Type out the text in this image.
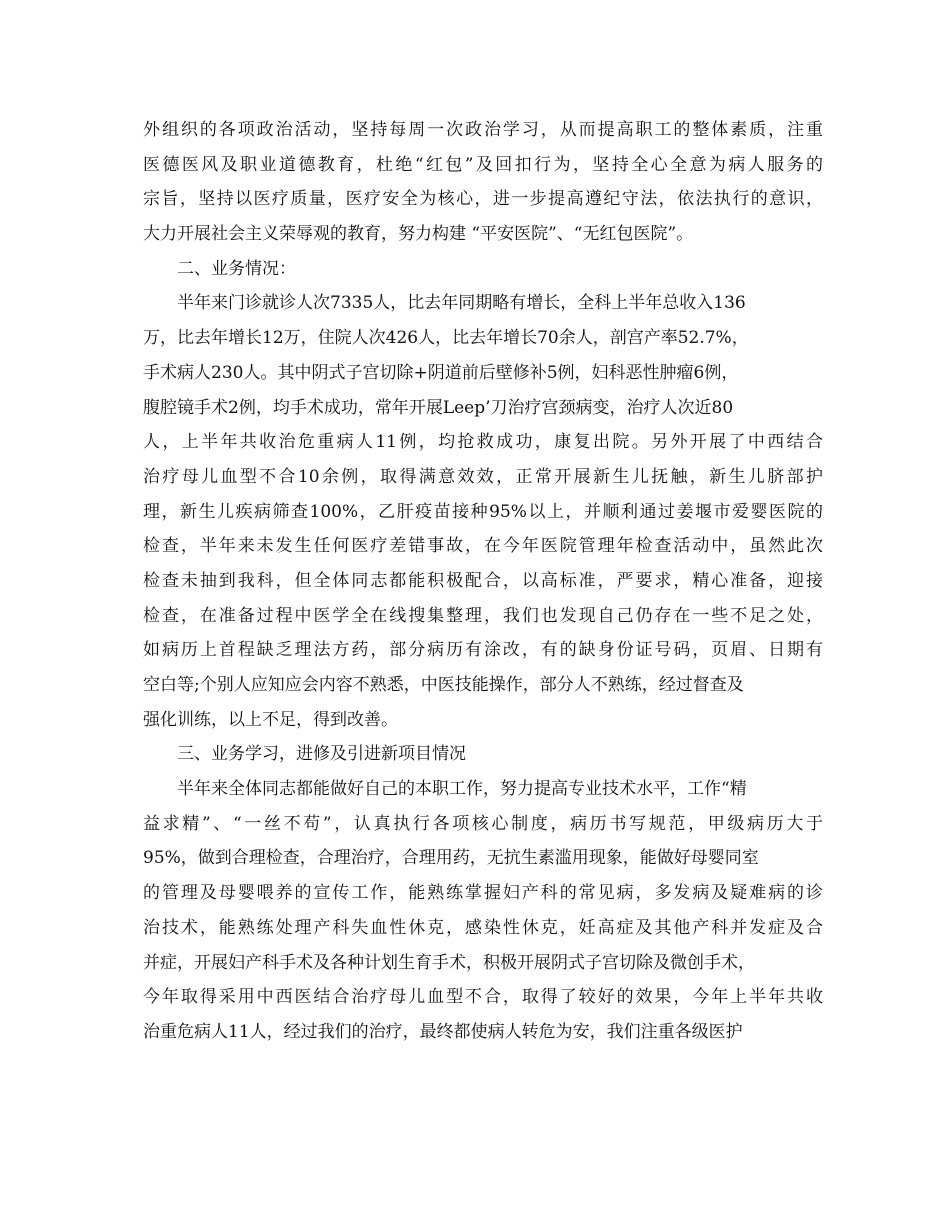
外组织的各项政治活动，坚持每周一次政治学习，从而提高职工的整体素质，注重
医德医风及职业道德教育，杜绝“红包”及回扣行为，坚持全心全意为病人服务的
宗旨，坚持以医疗质量，医疗安全为核心，进一步提高遵纪守法，依法执行的意识，
大力开展社会主义荣辱观的教育，努力构建 “平安医院”、“无红包医院”。
二、业务情况：
半年来门诊就诊人次7335人，比去年同期略有增长，全科上半年总收入136
万，比去年增长12万，住院人次426人，比去年增长70余人，剖宫产率52.7%，
手术病人230人。其中阴式子宫切除+阴道前后壁修补5例，妇科恶性肿瘤6例，
腹腔镜手术2例，均手术成功，常年开展Leep’刀治疗宫颈病变，治疗人次近80
人，上半年共收治危重病人11例，均抢救成功，康复出院。另外开展了中西结合
治疗母儿血型不合10余例，取得满意效效，正常开展新生儿抚触，新生儿脐部护
理，新生儿疾病筛查100%，乙肝疫苗接种95%以上，并顺利通过姜堰市爱婴医院的
检查，半年来未发生任何医疗差错事故，在今年医院管理年检查活动中，虽然此次
检查未抽到我科，但全体同志都能积极配合，以高标准，严要求，精心准备，迎接
检查，在准备过程中医学全在线搜集整理，我们也发现自己仍存在一些不足之处，
如病历上首程缺乏理法方药，部分病历有涂改，有的缺身份证号码，页眉、日期有
空白等;个别人应知应会内容不熟悉，中医技能操作，部分人不熟练，经过督查及
强化训练，以上不足，得到改善。
三、业务学习，进修及引进新项目情况
半年来全体同志都能做好自己的本职工作，努力提高专业技术水平，工作“精
益求精”、“一丝不苟”，认真执行各项核心制度，病历书写规范，甲级病历大于
95%，做到合理检查，合理治疗，合理用药，无抗生素滥用现象，能做好母婴同室
的管理及母婴喂养的宣传工作，能熟练掌握妇产科的常见病，多发病及疑难病的诊
治技术，能熟练处理产科失血性休克，感染性休克，妊高症及其他产科并发症及合
并症，开展妇产科手术及各种计划生育手术，积极开展阴式子宫切除及微创手术，
今年取得采用中西医结合治疗母儿血型不合，取得了较好的效果，今年上半年共收
治重危病人11人，经过我们的治疗，最终都使病人转危为安，我们注重各级医护
